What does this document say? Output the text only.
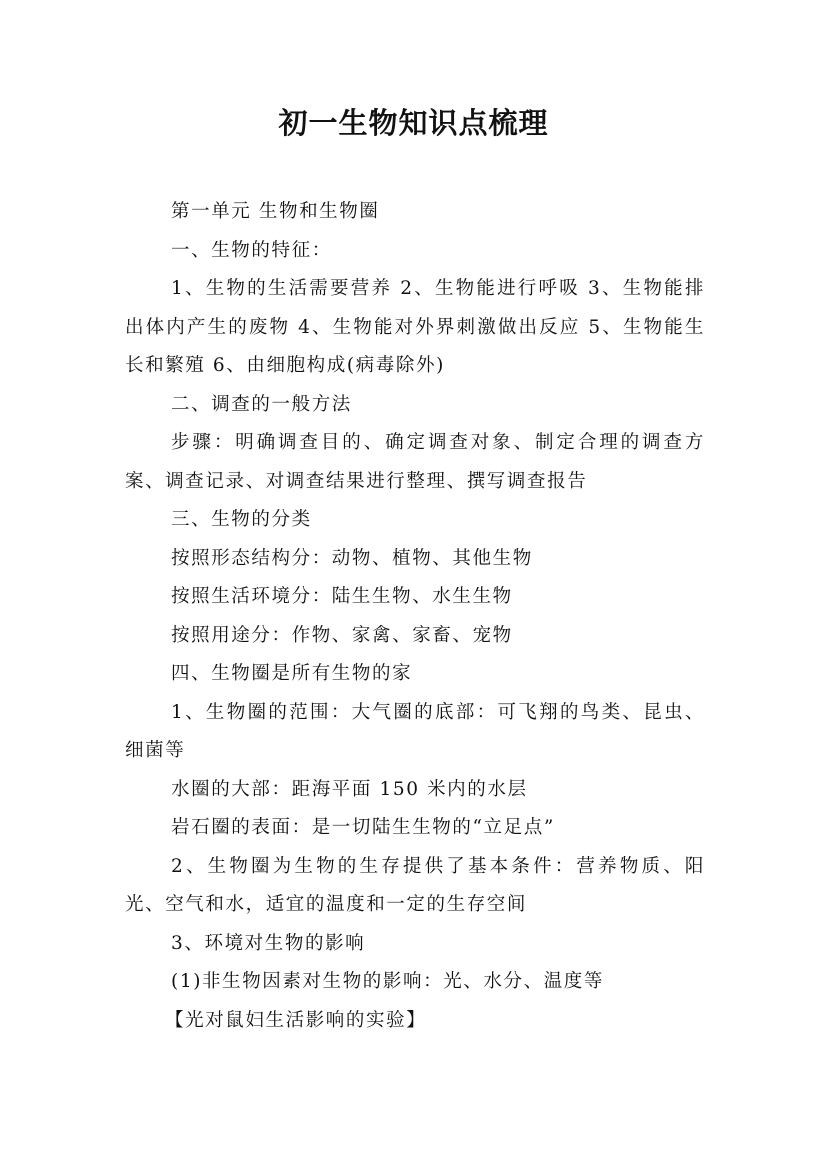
初一生物知识点梳理

第一单元 生物和生物圈

一、生物的特征：

1、生物的生活需要营养 2、生物能进行呼吸 3、生物能排出体内产生的废物 4、生物能对外界刺激做出反应 5、生物能生长和繁殖 6、由细胞构成(病毒除外)

二、调查的一般方法

步骤：明确调查目的、确定调查对象、制定合理的调查方案、调查记录、对调查结果进行整理、撰写调查报告

三、生物的分类

按照形态结构分：动物、植物、其他生物

按照生活环境分：陆生生物、水生生物

按照用途分：作物、家禽、家畜、宠物

四、生物圈是所有生物的家

1、生物圈的范围：大气圈的底部：可飞翔的鸟类、昆虫、细菌等

水圈的大部：距海平面 150 米内的水层

岩石圈的表面：是一切陆生生物的“立足点”

2、生物圈为生物的生存提供了基本条件：营养物质、阳光、空气和水，适宜的温度和一定的生存空间

3、环境对生物的影响

(1)非生物因素对生物的影响：光、水分、温度等

【光对鼠妇生活影响的实验】
